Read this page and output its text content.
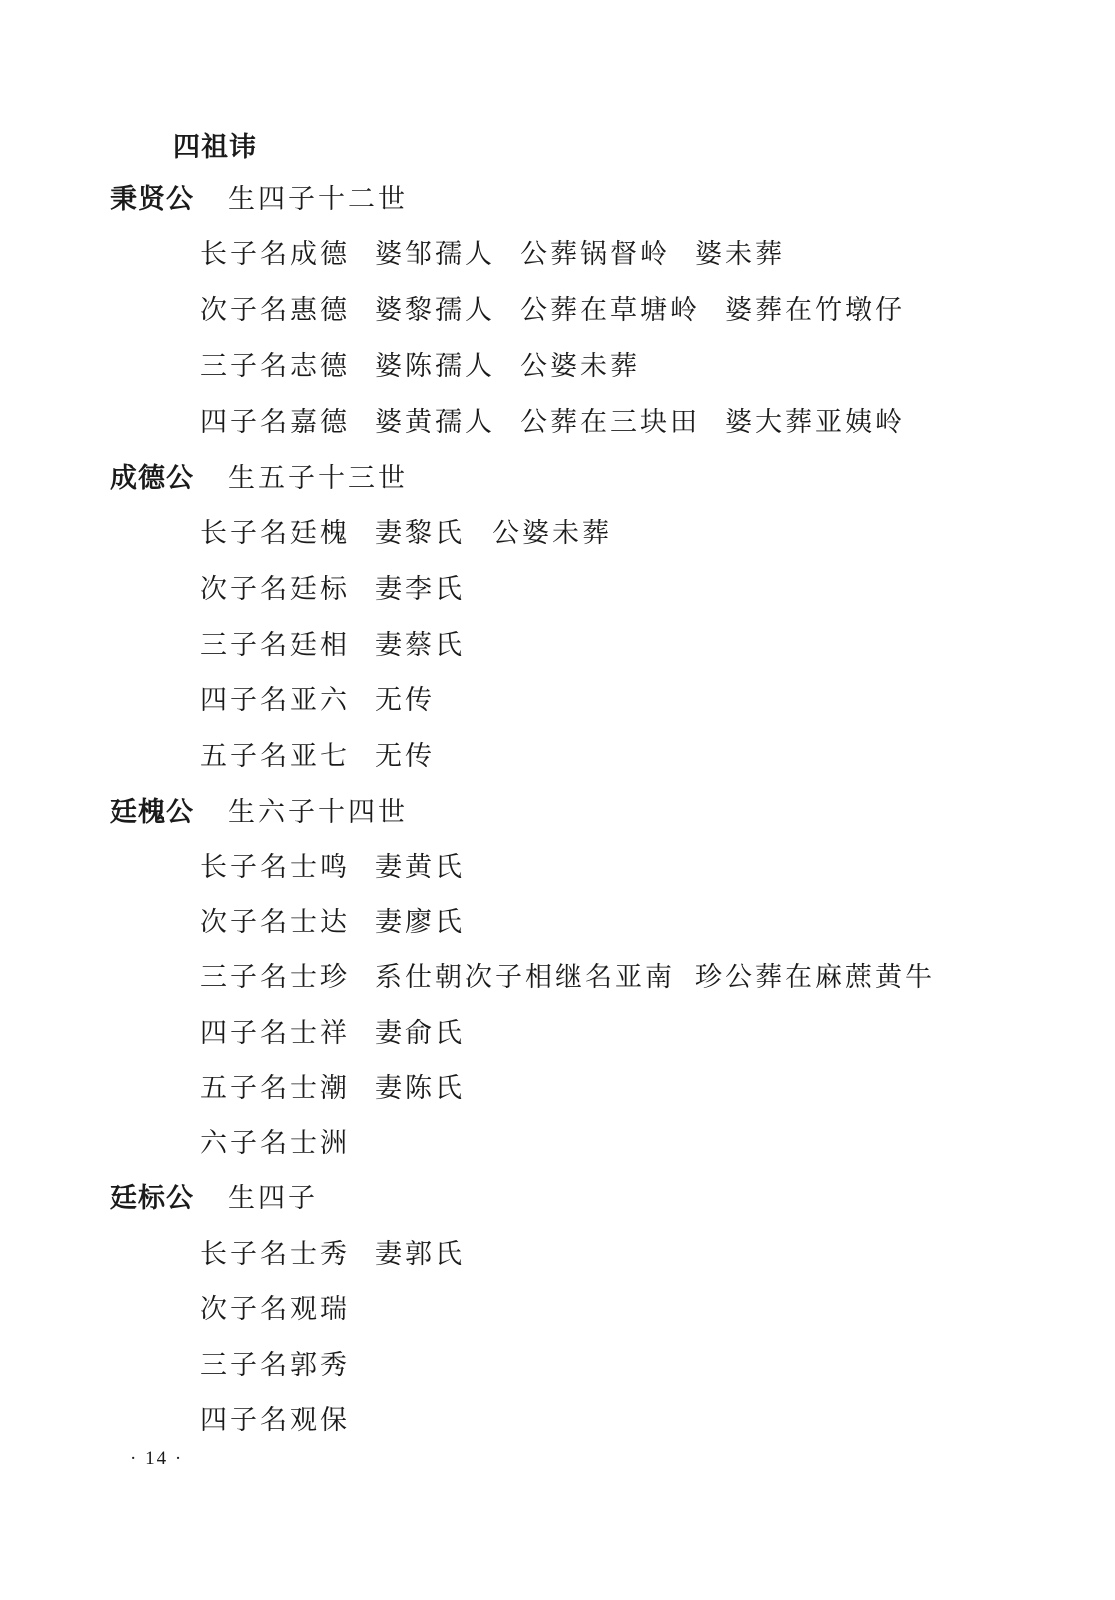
四祖讳
秉贤公 生四子十二世
长子名成德 婆邹孺人 公葬锅督岭 婆未葬
次子名惠德 婆黎孺人 公葬在草塘岭 婆葬在竹墩仔
三子名志德 婆陈孺人 公婆未葬
四子名嘉德 婆黄孺人 公葬在三块田 婆大葬亚姨岭
成德公 生五子十三世
长子名廷槐 妻黎氏 公婆未葬
次子名廷标 妻李氏
三子名廷相 妻蔡氏
四子名亚六 无传
五子名亚七 无传
廷槐公 生六子十四世
长子名士鸣 妻黄氏
次子名士达 妻廖氏
三子名士珍 系仕朝次子相继名亚南 珍公葬在麻蔗黄牛
四子名士祥 妻俞氏
五子名士潮 妻陈氏
六子名士洲
廷标公 生四子
长子名士秀 妻郭氏
次子名观瑞
三子名郭秀
四子名观保
· 14 ·
